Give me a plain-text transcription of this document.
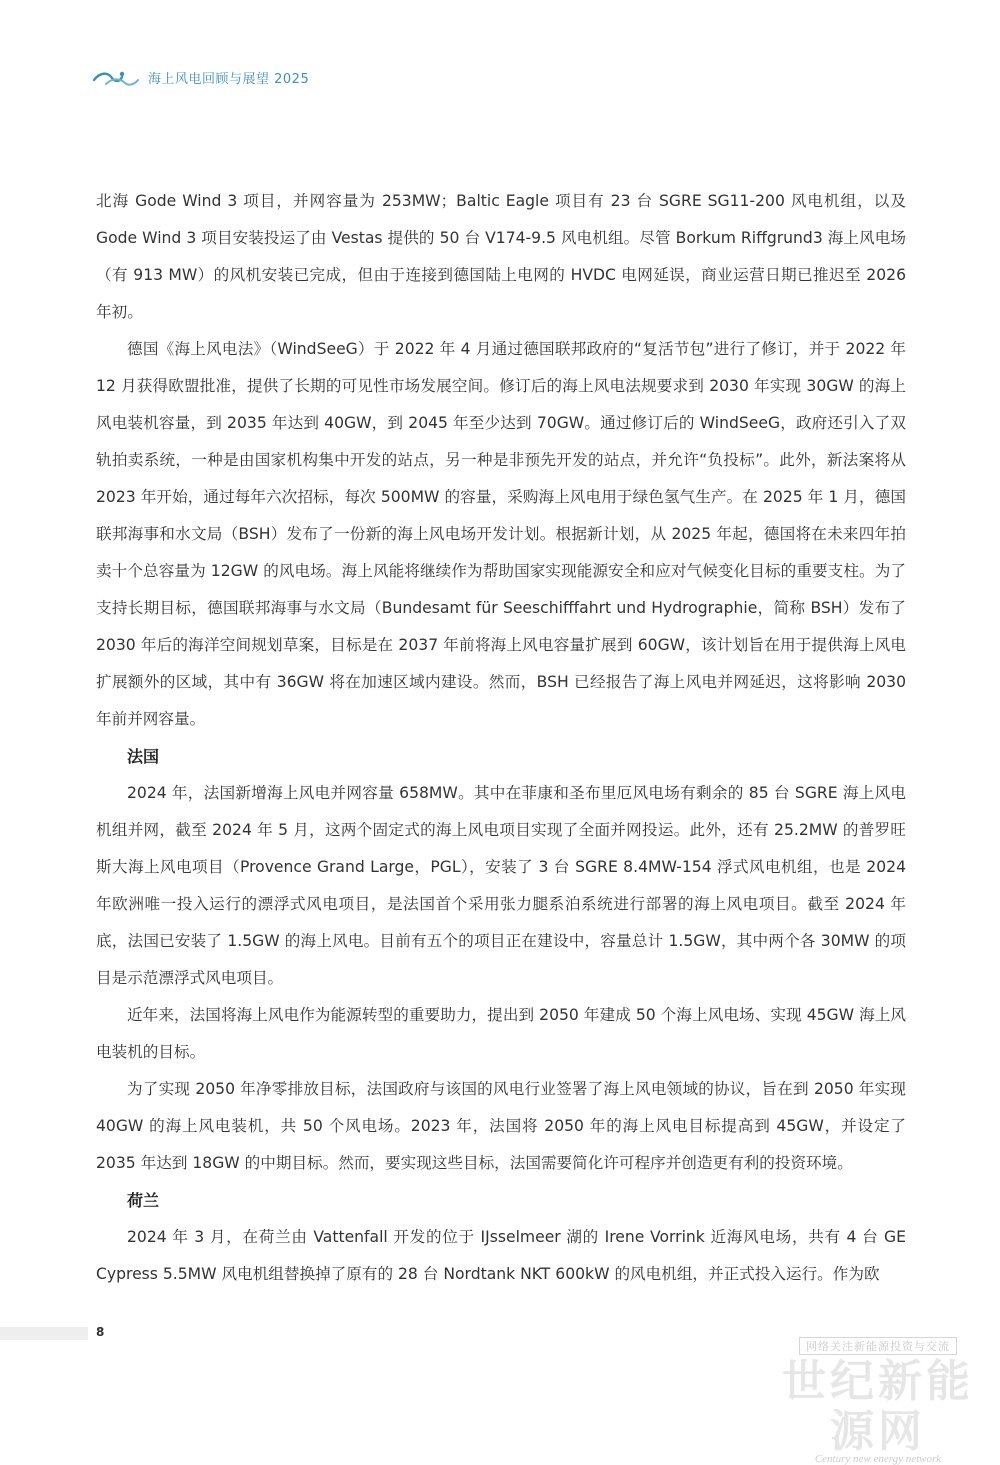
海上风电回顾与展望 2025

北海 Gode Wind 3 项目，并网容量为 253MW；Baltic Eagle 项目有 23 台 SGRE SG11-200 风电机组，以及 Gode Wind 3 项目安装投运了由 Vestas 提供的 50 台 V174-9.5 风电机组。尽管 Borkum Riffgrund3 海上风电场（有 913 MW）的风机安装已完成，但由于连接到德国陆上电网的 HVDC 电网延误，商业运营日期已推迟至 2026 年初。

德国《海上风电法》（WindSeeG）于 2022 年 4 月通过德国联邦政府的“复活节包”进行了修订，并于 2022 年 12 月获得欧盟批准，提供了长期的可见性市场发展空间。修订后的海上风电法规要求到 2030 年实现 30GW 的海上风电装机容量，到 2035 年达到 40GW，到 2045 年至少达到 70GW。通过修订后的 WindSeeG，政府还引入了双轨拍卖系统，一种是由国家机构集中开发的站点，另一种是非预先开发的站点，并允许“负投标”。此外，新法案将从 2023 年开始，通过每年六次招标，每次 500MW 的容量，采购海上风电用于绿色氢气生产。在 2025 年 1 月，德国联邦海事和水文局（BSH）发布了一份新的海上风电场开发计划。根据新计划，从 2025 年起，德国将在未来四年拍卖十个总容量为 12GW 的风电场。海上风能将继续作为帮助国家实现能源安全和应对气候变化目标的重要支柱。为了支持长期目标，德国联邦海事与水文局（Bundesamt für Seeschifffahrt und Hydrographie，简称 BSH）发布了 2030 年后的海洋空间规划草案，目标是在 2037 年前将海上风电容量扩展到 60GW，该计划旨在用于提供海上风电扩展额外的区域，其中有 36GW 将在加速区域内建设。然而，BSH 已经报告了海上风电并网延迟，这将影响 2030 年前并网容量。

法国

2024 年，法国新增海上风电并网容量 658MW。其中在菲康和圣布里厄风电场有剩余的 85 台 SGRE 海上风电机组并网，截至 2024 年 5 月，这两个固定式的海上风电项目实现了全面并网投运。此外，还有 25.2MW 的普罗旺斯大海上风电项目（Provence Grand Large，PGL），安装了 3 台 SGRE 8.4MW-154 浮式风电机组，也是 2024 年欧洲唯一投入运行的漂浮式风电项目，是法国首个采用张力腿系泊系统进行部署的海上风电项目。截至 2024 年底，法国已安装了 1.5GW 的海上风电。目前有五个的项目正在建设中，容量总计 1.5GW，其中两个各 30MW 的项目是示范漂浮式风电项目。

近年来，法国将海上风电作为能源转型的重要助力，提出到 2050 年建成 50 个海上风电场、实现 45GW 海上风电装机的目标。

为了实现 2050 年净零排放目标，法国政府与该国的风电行业签署了海上风电领域的协议，旨在到 2050 年实现 40GW 的海上风电装机，共 50 个风电场。2023 年，法国将 2050 年的海上风电目标提高到 45GW，并设定了 2035 年达到 18GW 的中期目标。然而，要实现这些目标，法国需要简化许可程序并创造更有利的投资环境。

荷兰

2024 年 3 月，在荷兰由 Vattenfall 开发的位于 IJsselmeer 湖的 Irene Vorrink 近海风电场，共有 4 台 GE Cypress 5.5MW 风电机组替换掉了原有的 28 台 Nordtank NKT 600kW 的风电机组，并正式投入运行。作为欧

8
网络关注新能源投资与交流
世纪新能源网
Century new energy network
